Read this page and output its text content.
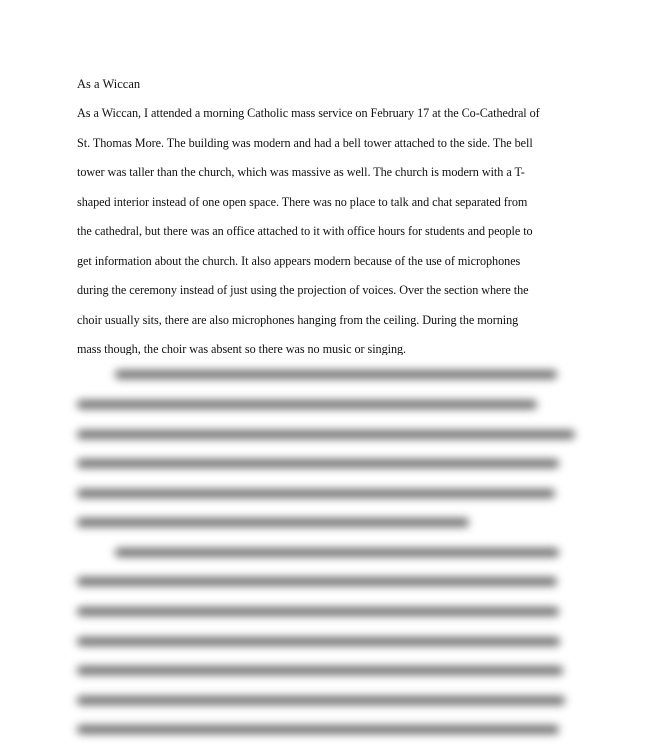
As a Wiccan
As a Wiccan, I attended a morning Catholic mass service on February 17 at the Co-Cathedral of
St. Thomas More. The building was modern and had a bell tower attached to the side. The bell
tower was taller than the church, which was massive as well. The church is modern with a T-
shaped interior instead of one open space. There was no place to talk and chat separated from
the cathedral, but there was an office attached to it with office hours for students and people to
get information about the church. It also appears modern because of the use of microphones
during the ceremony instead of just using the projection of voices. Over the section where the
choir usually sits, there are also microphones hanging from the ceiling. During the morning
mass though, the choir was absent so there was no music or singing.
